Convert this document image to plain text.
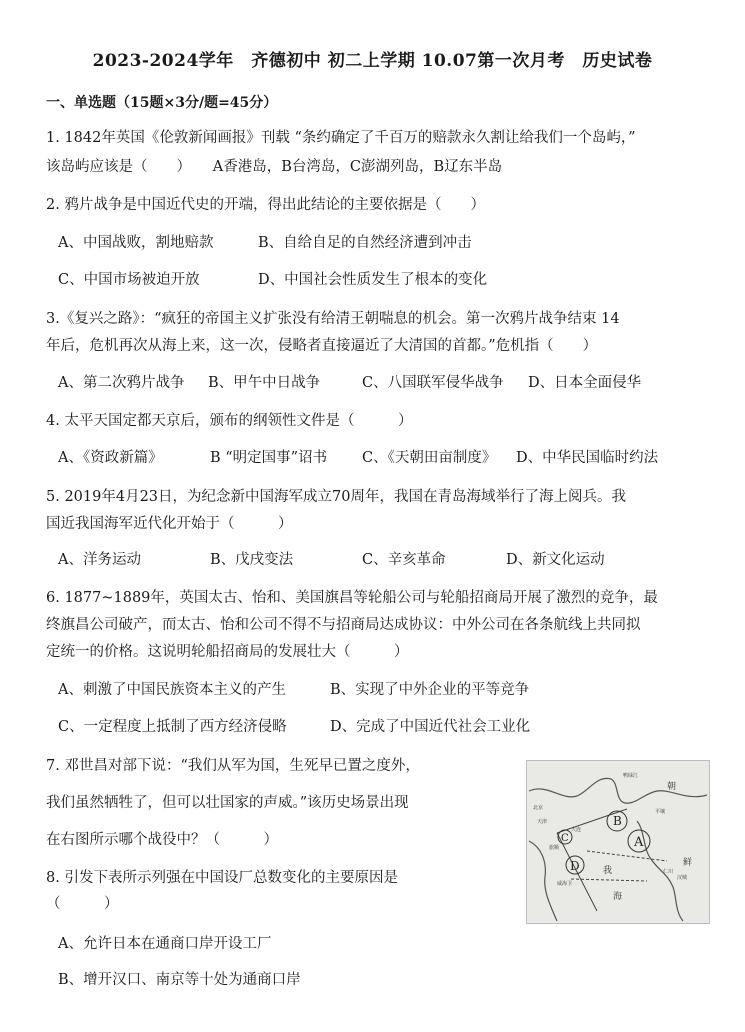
2023-2024学年　齐德初中 初二上学期 10.07第一次月考　历史试卷
一、单选题（15题×3分/题=45分）
1. 1842年英国《伦敦新闻画报》刊载 “条约确定了千百万的赔款永久割让给我们一个岛屿，”
该岛屿应该是（　　）　　A香港岛，B台湾岛，C澎湖列岛，B辽东半岛
2. 鸦片战争是中国近代史的开端，得出此结论的主要依据是（　　）
A、中国战败，割地赔款	B、自给自足的自然经济遭到冲击
C、中国市场被迫开放	D、中国社会性质发生了根本的变化
3.《复兴之路》：“疯狂的帝国主义扩张没有给清王朝喘息的机会。第一次鸦片战争结束 14
年后，危机再次从海上来，这一次，侵略者直接逼近了大清国的首都。”危机指（　　）
A、第二次鸦片战争 B、甲午中日战争	C、八国联军侵华战争 D、日本全面侵华
4. 太平天国定都天京后，颁布的纲领性文件是（　　　）
A、《资政新篇》	B “明定国事”诏书 C、《天朝田亩制度》 D、中华民国临时约法
5. 2019年4月23日，为纪念新中国海军成立70周年，我国在青岛海域举行了海上阅兵。我
国近我国海军近代化开始于（　　　）
A、洋务运动	B、戊戌变法	C、辛亥革命	D、新文化运动
6. 1877~1889年，英国太古、怡和、美国旗昌等轮船公司与轮船招商局开展了激烈的竞争，最
终旗昌公司破产，而太古、怡和公司不得不与招商局达成协议：中外公司在各条航线上共同拟
定统一的价格。这说明轮船招商局的发展壮大（　　　）
A、刺激了中国民族资本主义的产生	B、实现了中外企业的平等竞争
C、一定程度上抵制了西方经济侵略	D、完成了中国近代社会工业化
7. 邓世昌对部下说：“我们从军为国，生死早已置之度外，
我们虽然牺牲了，但可以壮国家的声威。”该历史场景出现
在右图所示哪个战役中？（　　　）
8. 引发下表所示列强在中国设厂总数变化的主要原因是
（　　　）
A、允许日本在通商口岸开设工厂
B、增开汉口、南京等十处为通商口岸
B
A
C
D
朝
鲜
我
海
鸭绿江
平壤
汉城
仁川
威海卫
大连
旅顺
北京
天津
